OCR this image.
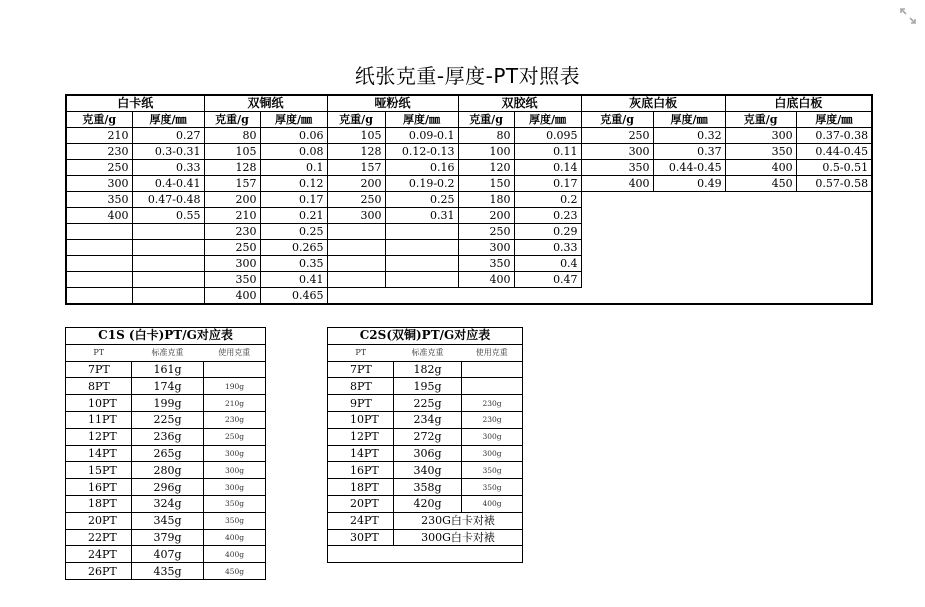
纸张克重-厚度-PT对照表
白卡纸		双铜纸		哑粉纸		双胶纸		灰底白板		白底白板	
克重/g	厚度/㎜	克重/g	厚度/㎜	克重/g	厚度/㎜	克重/g	厚度/㎜	克重/g	厚度/㎜	克重/g	厚度/㎜
210	0.27	80	0.06	105	0.09-0.1	80	0.095	250	0.32	300	0.37-0.38
230	0.3-0.31	105	0.08	128	0.12-0.13	100	0.11	300	0.37	350	0.44-0.45
250	0.33	128	0.1	157	0.16	120	0.14	350	0.44-0.45	400	0.5-0.51
300	0.4-0.41	157	0.12	200	0.19-0.2	150	0.17	400	0.49	450	0.57-0.58
350	0.47-0.48	200	0.17	250	0.25	180	0.2				
400	0.55	210	0.21	300	0.31	200	0.23				
		230	0.25			250	0.29				
		250	0.265			300	0.33				
		300	0.35			350	0.4				
		350	0.41			400	0.47				
		400	0.465								
C1S (白卡)PT/G对应表		
PT	标准克重	使用克重
7PT	161g	
8PT	174g	190g
10PT	199g	210g
11PT	225g	230g
12PT	236g	250g
14PT	265g	300g
15PT	280g	300g
16PT	296g	300g
18PT	324g	350g
20PT	345g	350g
22PT	379g	400g
24PT	407g	400g
26PT	435g	450g
C2S(双铜)PT/G对应表		
PT	标准克重	使用克重
7PT	182g	
8PT	195g	
9PT	225g	230g
10PT	234g	230g
12PT	272g	300g
14PT	306g	300g
16PT	340g	350g
18PT	358g	350g
20PT	420g	400g
24PT	230G白卡对裱	
30PT	300G白卡对裱	
